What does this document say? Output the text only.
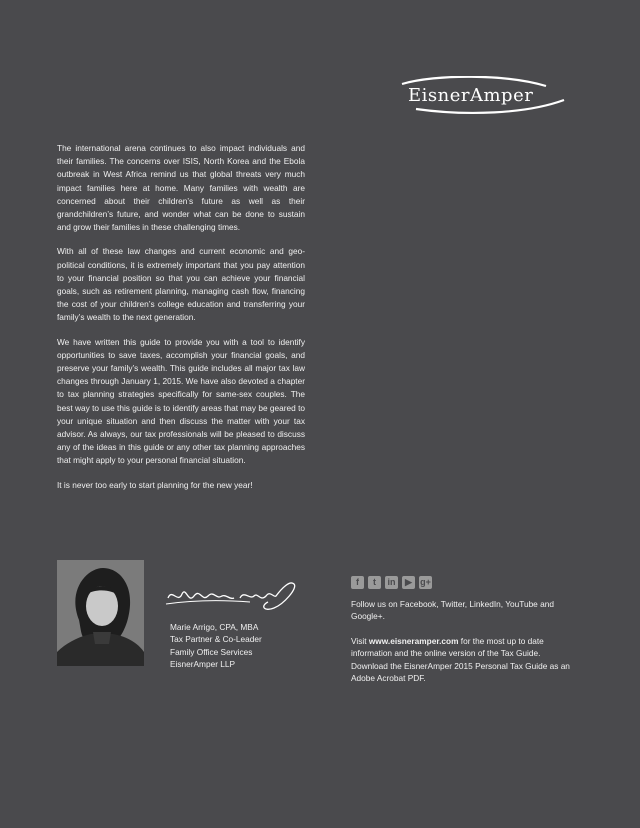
EisnerAmper

The international arena continues to also impact individuals and their families. The concerns over ISIS, North Korea and the Ebola outbreak in West Africa remind us that global threats very much impact families here at home. Many families with wealth are concerned about their children’s future as well as their grandchildren’s future, and wonder what can be done to sustain and grow their families in these challenging times.

With all of these law changes and current economic and geo-political conditions, it is extremely important that you pay attention to your financial position so that you can achieve your financial goals, such as retirement planning, managing cash flow, financing the cost of your children’s college education and transferring your family’s wealth to the next generation.

We have written this guide to provide you with a tool to identify opportunities to save taxes, accomplish your financial goals, and preserve your family’s wealth. This guide includes all major tax law changes through January 1, 2015. We have also devoted a chapter to tax planning strategies specifically for same-sex couples. The best way to use this guide is to identify areas that may be geared to your unique situation and then discuss the matter with your tax advisor. As always, our tax professionals will be pleased to discuss any of the ideas in this guide or any other tax planning approaches that might apply to your personal financial situation.

It is never too early to start planning for the new year!

Marie Arrigo, CPA, MBA
Tax Partner & Co-Leader
Family Office Services
EisnerAmper LLP
f	t	in	▶ g+
Follow us on Facebook, Twitter, LinkedIn, YouTube and Google+.
Visit www.eisneramper.com for the most up to date information and the online version of the Tax Guide. Download the EisnerAmper 2015 Personal Tax Guide as an Adobe Acrobat PDF.
